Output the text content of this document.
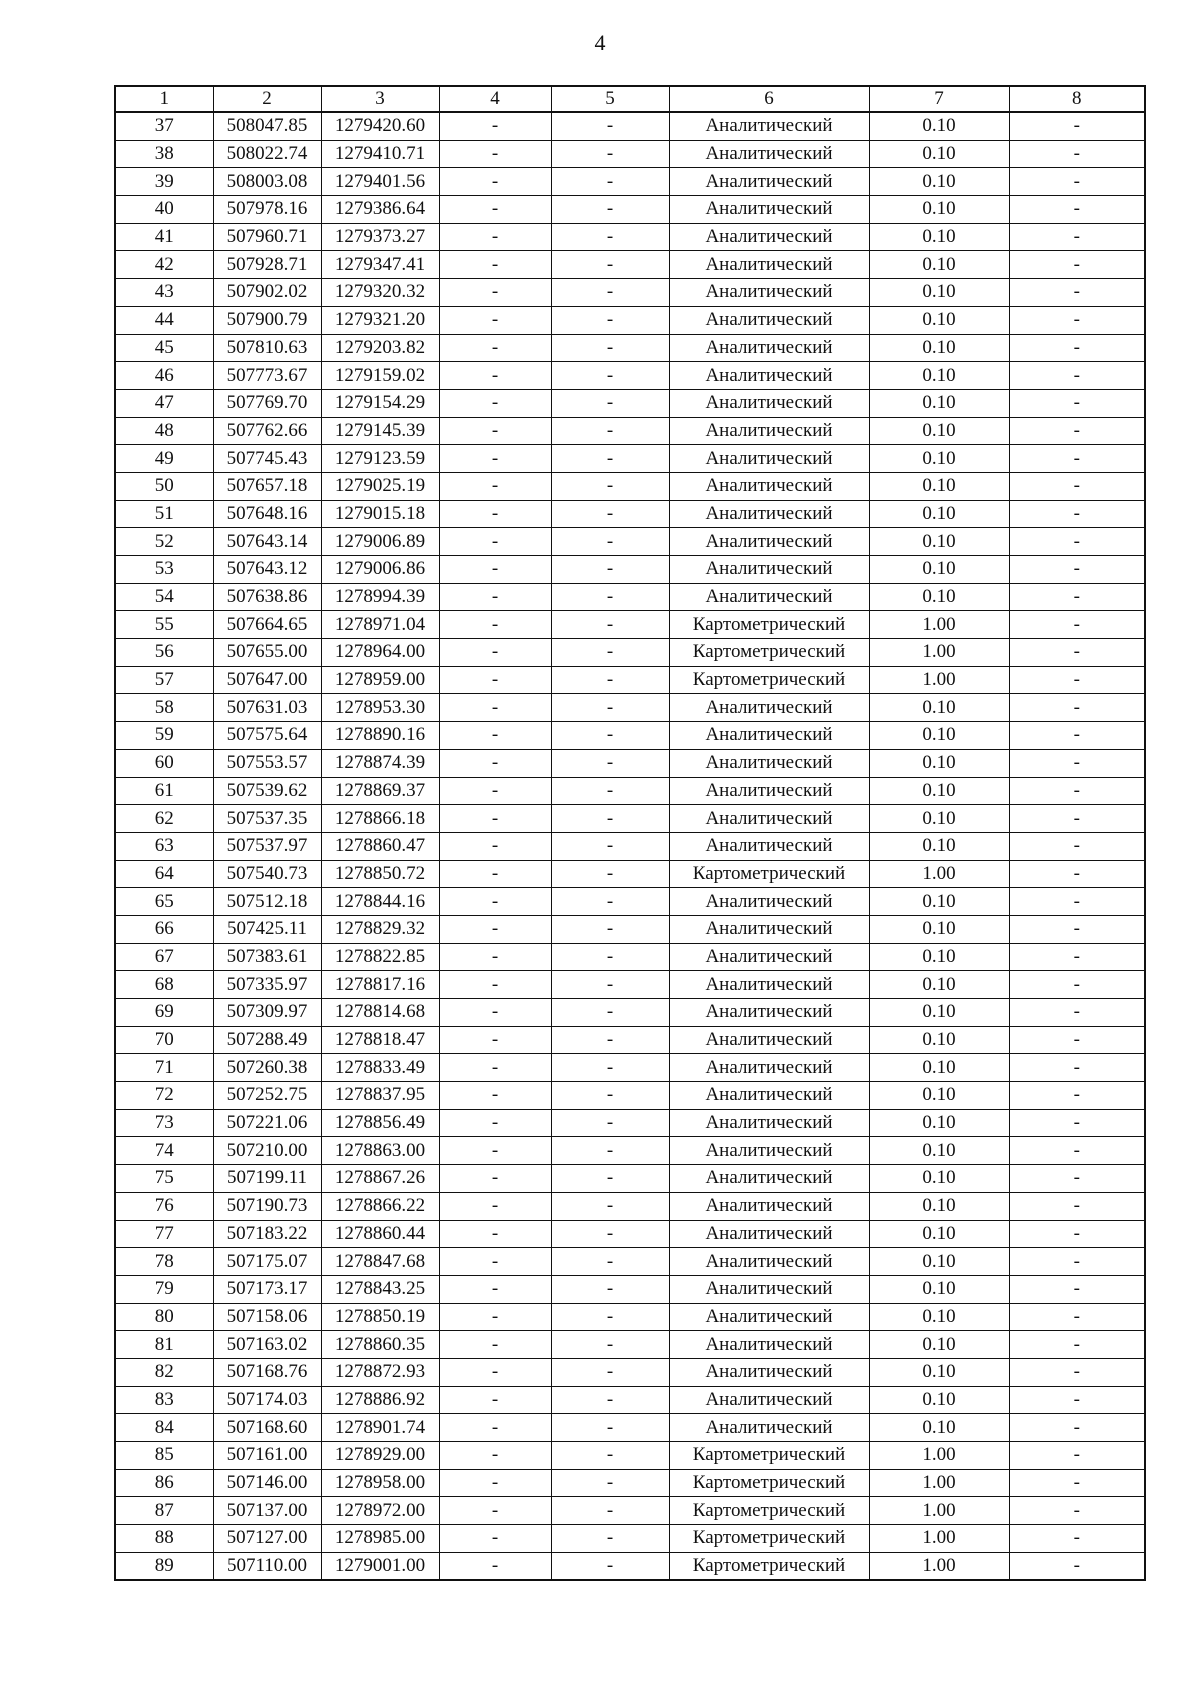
4
1	2	3	4	5	6	7	8
37	508047.85	1279420.60	-	-	Аналитический	0.10	-
38	508022.74	1279410.71	-	-	Аналитический	0.10	-
39	508003.08	1279401.56	-	-	Аналитический	0.10	-
40	507978.16	1279386.64	-	-	Аналитический	0.10	-
41	507960.71	1279373.27	-	-	Аналитический	0.10	-
42	507928.71	1279347.41	-	-	Аналитический	0.10	-
43	507902.02	1279320.32	-	-	Аналитический	0.10	-
44	507900.79	1279321.20	-	-	Аналитический	0.10	-
45	507810.63	1279203.82	-	-	Аналитический	0.10	-
46	507773.67	1279159.02	-	-	Аналитический	0.10	-
47	507769.70	1279154.29	-	-	Аналитический	0.10	-
48	507762.66	1279145.39	-	-	Аналитический	0.10	-
49	507745.43	1279123.59	-	-	Аналитический	0.10	-
50	507657.18	1279025.19	-	-	Аналитический	0.10	-
51	507648.16	1279015.18	-	-	Аналитический	0.10	-
52	507643.14	1279006.89	-	-	Аналитический	0.10	-
53	507643.12	1279006.86	-	-	Аналитический	0.10	-
54	507638.86	1278994.39	-	-	Аналитический	0.10	-
55	507664.65	1278971.04	-	-	Картометрический	1.00	-
56	507655.00	1278964.00	-	-	Картометрический	1.00	-
57	507647.00	1278959.00	-	-	Картометрический	1.00	-
58	507631.03	1278953.30	-	-	Аналитический	0.10	-
59	507575.64	1278890.16	-	-	Аналитический	0.10	-
60	507553.57	1278874.39	-	-	Аналитический	0.10	-
61	507539.62	1278869.37	-	-	Аналитический	0.10	-
62	507537.35	1278866.18	-	-	Аналитический	0.10	-
63	507537.97	1278860.47	-	-	Аналитический	0.10	-
64	507540.73	1278850.72	-	-	Картометрический	1.00	-
65	507512.18	1278844.16	-	-	Аналитический	0.10	-
66	507425.11	1278829.32	-	-	Аналитический	0.10	-
67	507383.61	1278822.85	-	-	Аналитический	0.10	-
68	507335.97	1278817.16	-	-	Аналитический	0.10	-
69	507309.97	1278814.68	-	-	Аналитический	0.10	-
70	507288.49	1278818.47	-	-	Аналитический	0.10	-
71	507260.38	1278833.49	-	-	Аналитический	0.10	-
72	507252.75	1278837.95	-	-	Аналитический	0.10	-
73	507221.06	1278856.49	-	-	Аналитический	0.10	-
74	507210.00	1278863.00	-	-	Аналитический	0.10	-
75	507199.11	1278867.26	-	-	Аналитический	0.10	-
76	507190.73	1278866.22	-	-	Аналитический	0.10	-
77	507183.22	1278860.44	-	-	Аналитический	0.10	-
78	507175.07	1278847.68	-	-	Аналитический	0.10	-
79	507173.17	1278843.25	-	-	Аналитический	0.10	-
80	507158.06	1278850.19	-	-	Аналитический	0.10	-
81	507163.02	1278860.35	-	-	Аналитический	0.10	-
82	507168.76	1278872.93	-	-	Аналитический	0.10	-
83	507174.03	1278886.92	-	-	Аналитический	0.10	-
84	507168.60	1278901.74	-	-	Аналитический	0.10	-
85	507161.00	1278929.00	-	-	Картометрический	1.00	-
86	507146.00	1278958.00	-	-	Картометрический	1.00	-
87	507137.00	1278972.00	-	-	Картометрический	1.00	-
88	507127.00	1278985.00	-	-	Картометрический	1.00	-
89	507110.00	1279001.00	-	-	Картометрический	1.00	-
